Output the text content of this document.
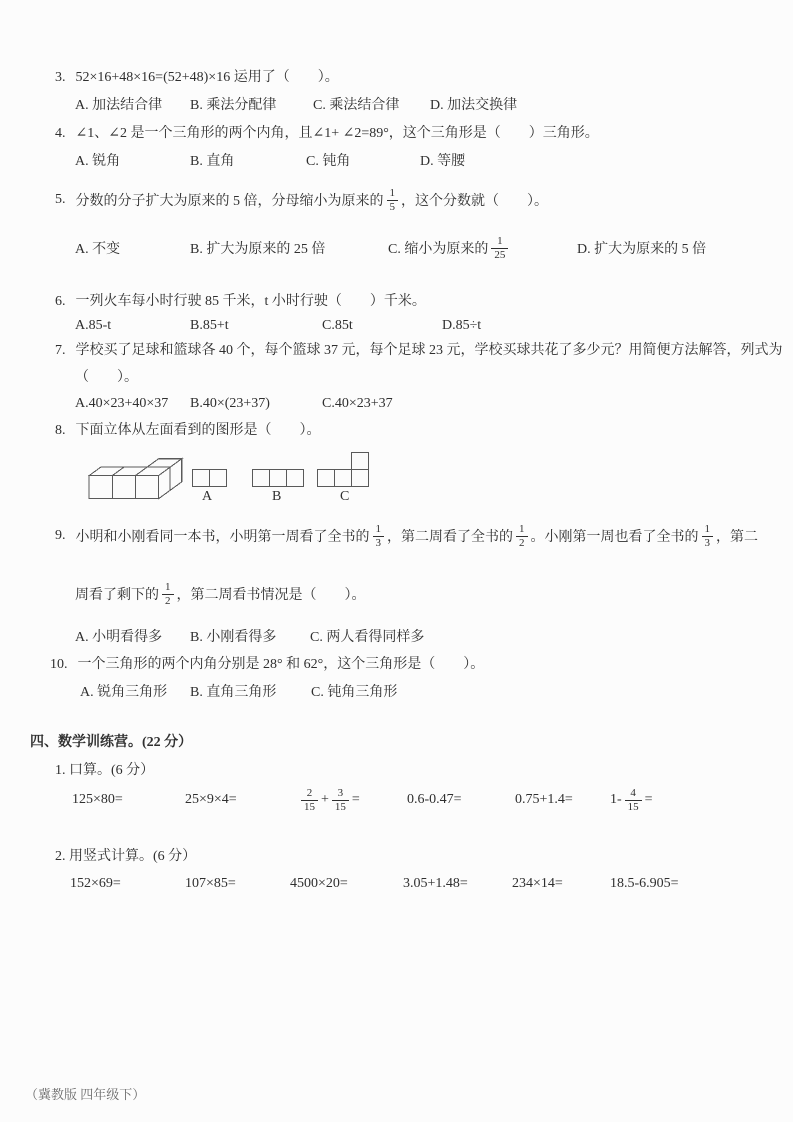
3. 52×16+48×16=(52+48)×16 运用了（　　）。
A. 加法结合律 B. 乘法分配律	C. 乘法结合律 D. 加法交换律
4. ∠1、∠2 是一个三角形的两个内角，且∠1+ ∠2=89°，这个三角形是（　　）三角形。
A. 锐角	B. 直角	C. 钝角	D. 等腰
5. 分数的分子扩大为原来的 5 倍，分母缩小为原来的 $\frac{1}{5}$ ，这个分数就（　　）。
A. 不变	B. 扩大为原来的 25 倍	C. 缩小为原来的 $\frac{1}{25}$	D. 扩大为原来的 5 倍
6. 一列火车每小时行驶 85 千米，t 小时行驶（　　）千米。
A.85-t	B.85+t	C.85t	D.85÷t
7. 学校买了足球和篮球各 40 个，每个篮球 37 元，每个足球 23 元，学校买球共花了多少元？用简便方法解答，列式为
（　　）。
A.40×23+40×37 B.40×(23+37)	C.40×23+37
8. 下面立体从左面看到的图形是（　　）。
A	B	C
9. 小明和小刚看同一本书，小明第一周看了全书的 $\frac{1}{3}$ ，第二周看了全书的 $\frac{1}{2}$ 。小刚第一周也看了全书的 $\frac{1}{3}$ ，第二
周看了剩下的 $\frac{1}{2}$ ，第二周看书情况是（　　）。
A. 小明看得多 B. 小刚看得多 C. 两人看得同样多
10. 一个三角形的两个内角分别是 28° 和 62°，这个三角形是（　　）。
A. 锐角三角形 B. 直角三角形 C. 钝角三角形
四、数学训练营。(22 分）
1. 口算。(6 分）
125×80=	25×9×4=	$\frac{2}{15} + \frac{3}{15}$ =	0.6-0.47=	0.75+1.4=	$1- \frac{4}{15}$ =
2. 用竖式计算。(6 分）
152×69=	107×85=	4500×20=	3.05+1.48=	234×14=	18.5-6.905=
（冀教版 四年级下）
